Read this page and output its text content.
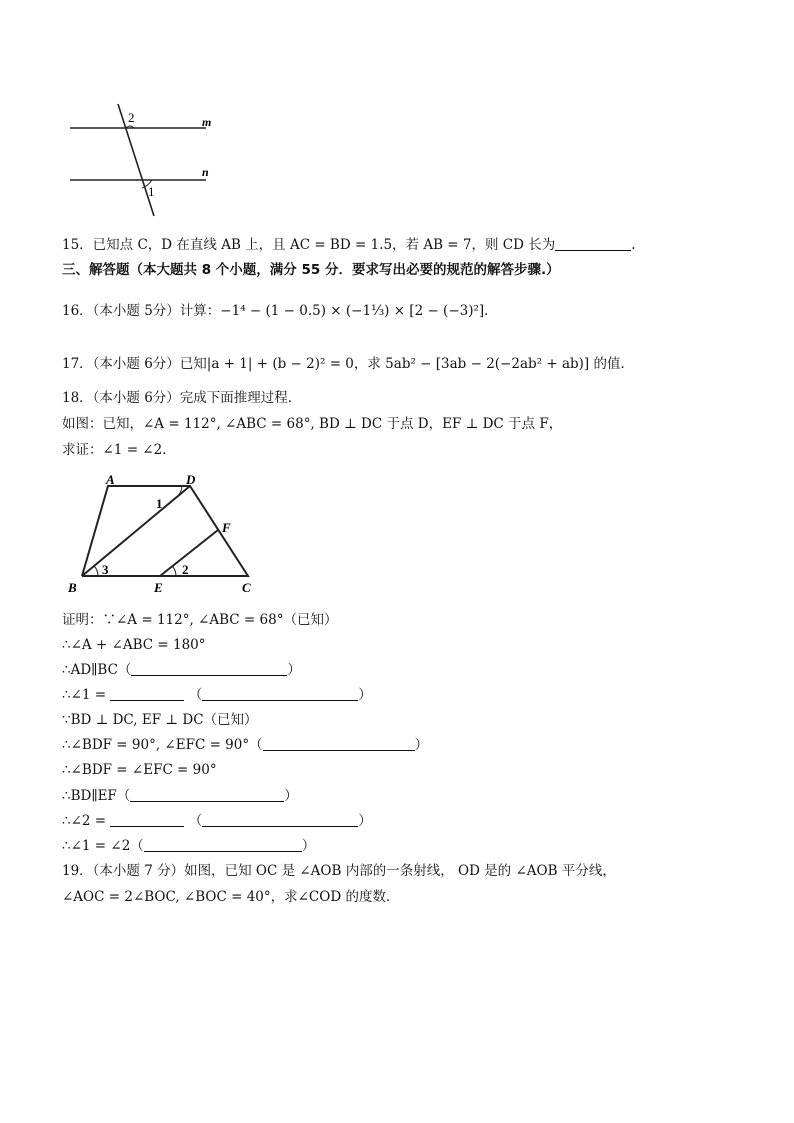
m
n
2
1
15．已知点 C，D 在直线 AB 上，且 AC = BD = 1.5，若 AB = 7，则 CD 长为	.
三、解答题（本大题共 8 个小题，满分 55 分．要求写出必要的规范的解答步骤.）
16．（本小题 5分）计算：−1⁴ − (1 − 0.5) × (−1⅓) × [2 − (−3)²]．
17．（本小题 6分）已知|a + 1| + (b − 2)² = 0，求 5ab² − [3ab − 2(−2ab² + ab)] 的值．
18．（本小题 6分）完成下面推理过程．
如图：已知，∠A = 112°, ∠ABC = 68°, BD ⊥ DC 于点 D，EF ⊥ DC 于点 F，
求证：∠1 = ∠2．
A	D
F
B	E	C
1
3	2
证明：∵∠A = 112°, ∠ABC = 68°（已知）
∴∠A + ∠ABC = 180°
∴AD∥BC（	）
∴∠1 =	（	）
∵BD ⊥ DC, EF ⊥ DC（已知）
∴∠BDF = 90°, ∠EFC = 90°（	）
∴∠BDF = ∠EFC = 90°
∴BD∥EF（	）
∴∠2 =	（	）
∴∠1 = ∠2（	）
19．（本小题 7 分）如图，已知 OC 是 ∠AOB 内部的一条射线， OD 是的 ∠AOB 平分线，
∠AOC = 2∠BOC, ∠BOC = 40°，求∠COD 的度数．
